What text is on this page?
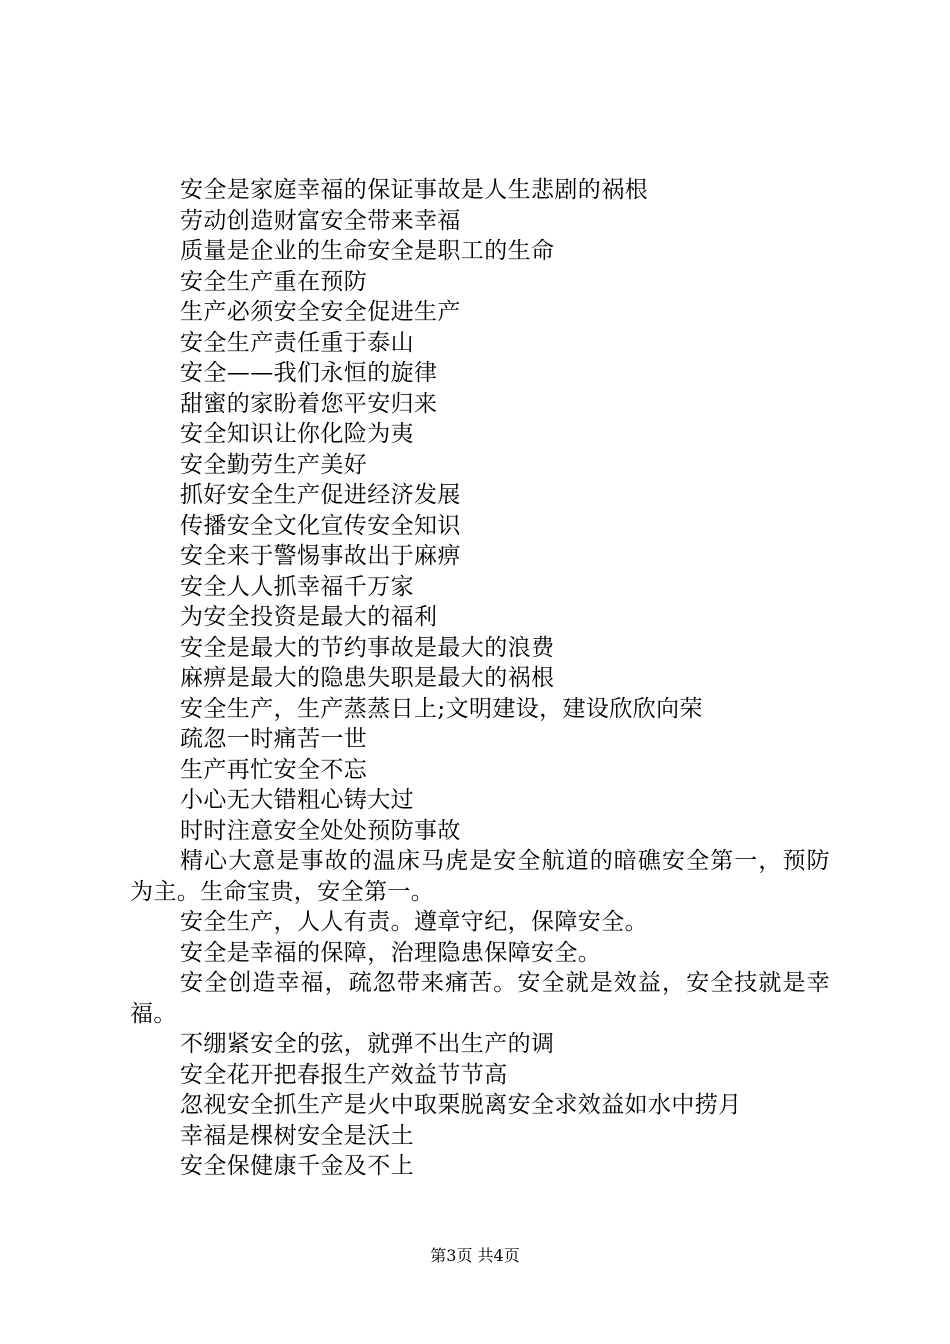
安全是家庭幸福的保证事故是人生悲剧的祸根
劳动创造财富安全带来幸福
质量是企业的生命安全是职工的生命
安全生产重在预防
生产必须安全安全促进生产
安全生产责任重于泰山
安全——我们永恒的旋律
甜蜜的家盼着您平安归来
安全知识让你化险为夷
安全勤劳生产美好
抓好安全生产促进经济发展
传播安全文化宣传安全知识
安全来于警惕事故出于麻痹
安全人人抓幸福千万家
为安全投资是最大的福利
安全是最大的节约事故是最大的浪费
麻痹是最大的隐患失职是最大的祸根
安全生产，生产蒸蒸日上;文明建设，建设欣欣向荣
疏忽一时痛苦一世
生产再忙安全不忘
小心无大错粗心铸大过
时时注意安全处处预防事故
精心大意是事故的温床马虎是安全航道的暗礁安全第一，预防为主。生命宝贵，安全第一。
安全生产，人人有责。遵章守纪，保障安全。
安全是幸福的保障，治理隐患保障安全。
安全创造幸福，疏忽带来痛苦。安全就是效益，安全技就是幸福。
不绷紧安全的弦，就弹不出生产的调
安全花开把春报生产效益节节高
忽视安全抓生产是火中取栗脱离安全求效益如水中捞月
幸福是棵树安全是沃土
安全保健康千金及不上
第3页 共4页
